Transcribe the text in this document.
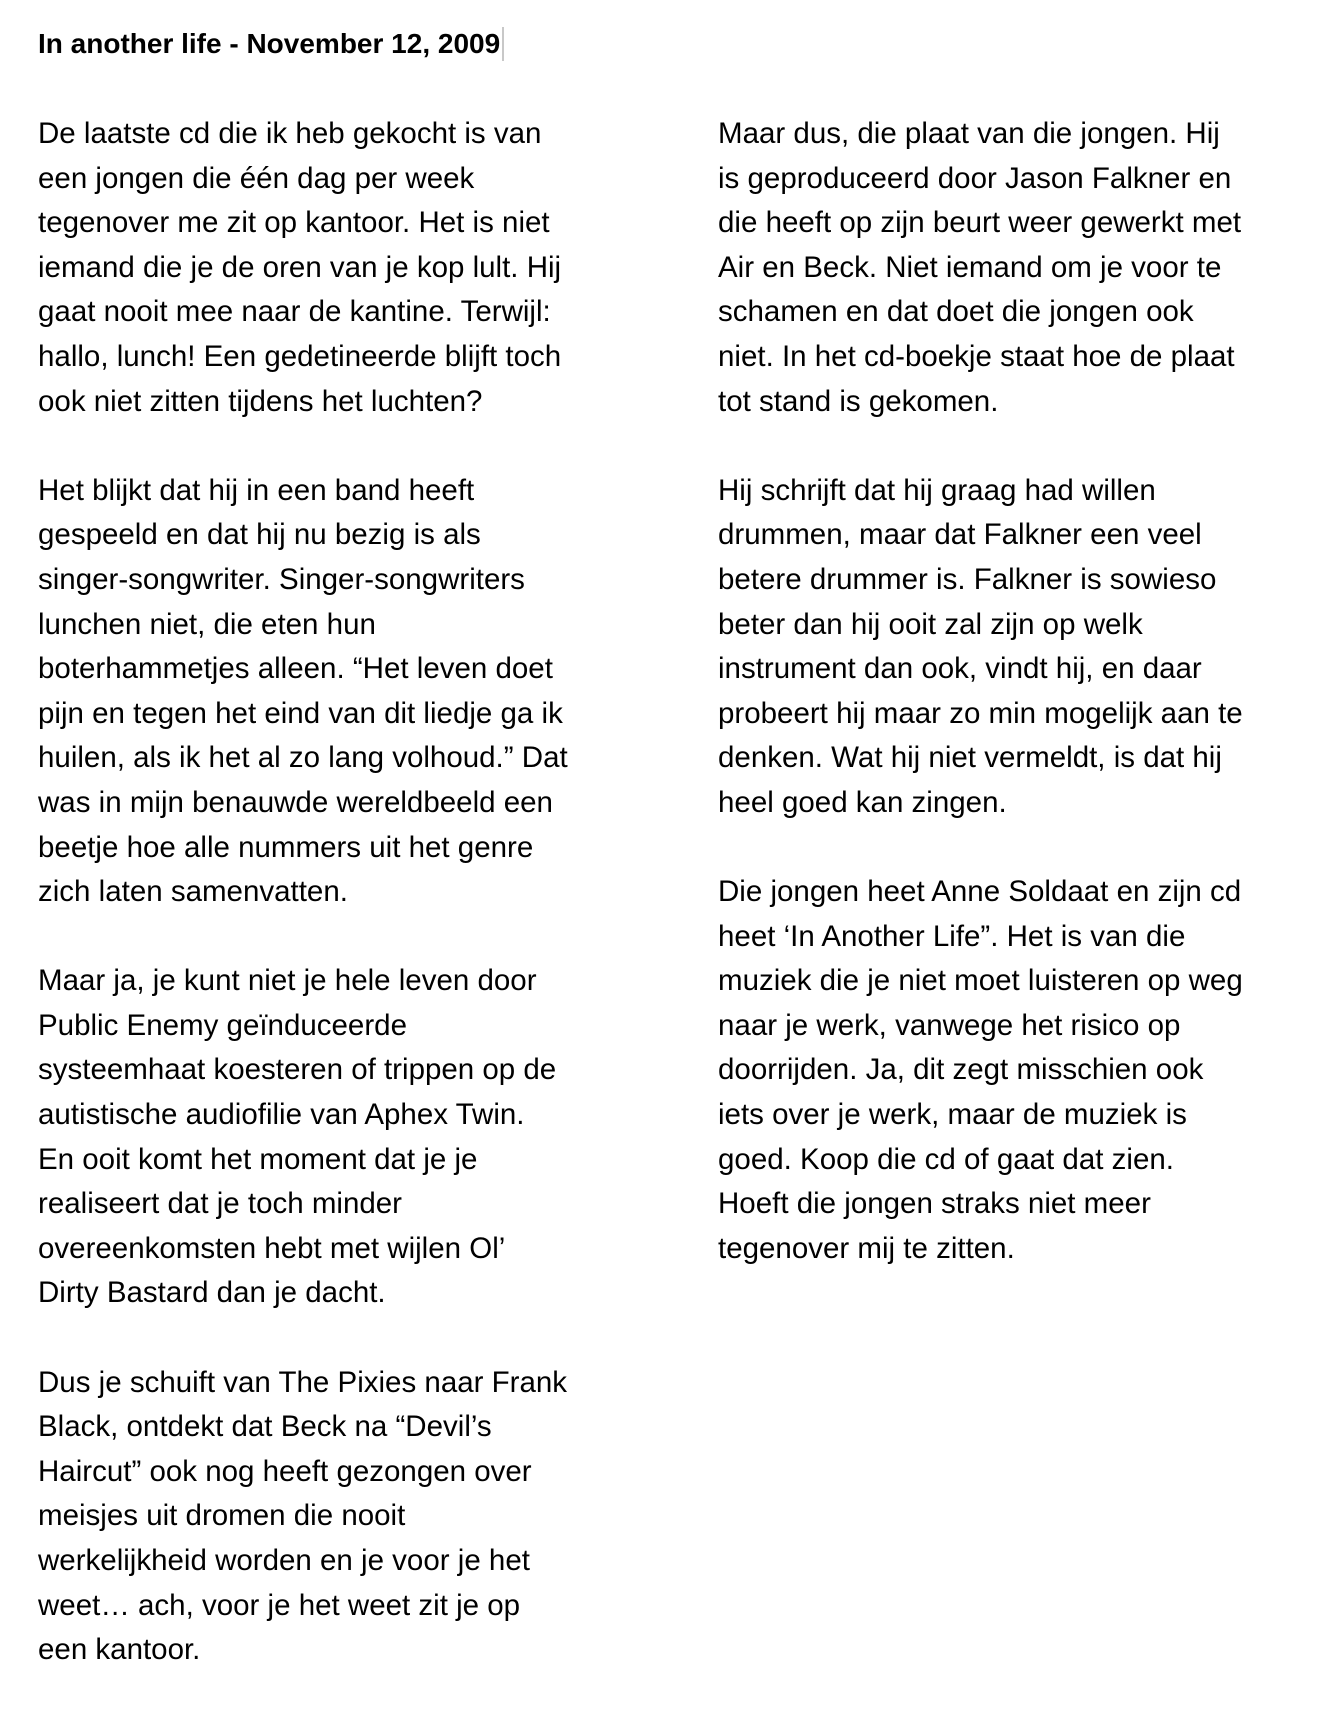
In another life - November 12, 2009
De laatste cd die ik heb gekocht is van
een jongen die één dag per week
tegenover me zit op kantoor. Het is niet
iemand die je de oren van je kop lult. Hij
gaat nooit mee naar de kantine. Terwijl:
hallo, lunch! Een gedetineerde blijft toch
ook niet zitten tijdens het luchten?
Het blijkt dat hij in een band heeft
gespeeld en dat hij nu bezig is als
singer-songwriter. Singer-songwriters
lunchen niet, die eten hun
boterhammetjes alleen. “Het leven doet
pijn en tegen het eind van dit liedje ga ik
huilen, als ik het al zo lang volhoud.” Dat
was in mijn benauwde wereldbeeld een
beetje hoe alle nummers uit het genre
zich laten samenvatten.
Maar ja, je kunt niet je hele leven door
Public Enemy geïnduceerde
systeemhaat koesteren of trippen op de
autistische audiofilie van Aphex Twin.
En ooit komt het moment dat je je
realiseert dat je toch minder
overeenkomsten hebt met wijlen Ol’
Dirty Bastard dan je dacht.
Dus je schuift van The Pixies naar Frank
Black, ontdekt dat Beck na “Devil’s
Haircut” ook nog heeft gezongen over
meisjes uit dromen die nooit
werkelijkheid worden en je voor je het
weet… ach, voor je het weet zit je op
een kantoor.
Maar dus, die plaat van die jongen. Hij
is geproduceerd door Jason Falkner en
die heeft op zijn beurt weer gewerkt met
Air en Beck. Niet iemand om je voor te
schamen en dat doet die jongen ook
niet. In het cd-boekje staat hoe de plaat
tot stand is gekomen.
Hij schrijft dat hij graag had willen
drummen, maar dat Falkner een veel
betere drummer is. Falkner is sowieso
beter dan hij ooit zal zijn op welk
instrument dan ook, vindt hij, en daar
probeert hij maar zo min mogelijk aan te
denken. Wat hij niet vermeldt, is dat hij
heel goed kan zingen.
Die jongen heet Anne Soldaat en zijn cd
heet ‘In Another Life”. Het is van die
muziek die je niet moet luisteren op weg
naar je werk, vanwege het risico op
doorrijden. Ja, dit zegt misschien ook
iets over je werk, maar de muziek is
goed. Koop die cd of gaat dat zien.
Hoeft die jongen straks niet meer
tegenover mij te zitten.
